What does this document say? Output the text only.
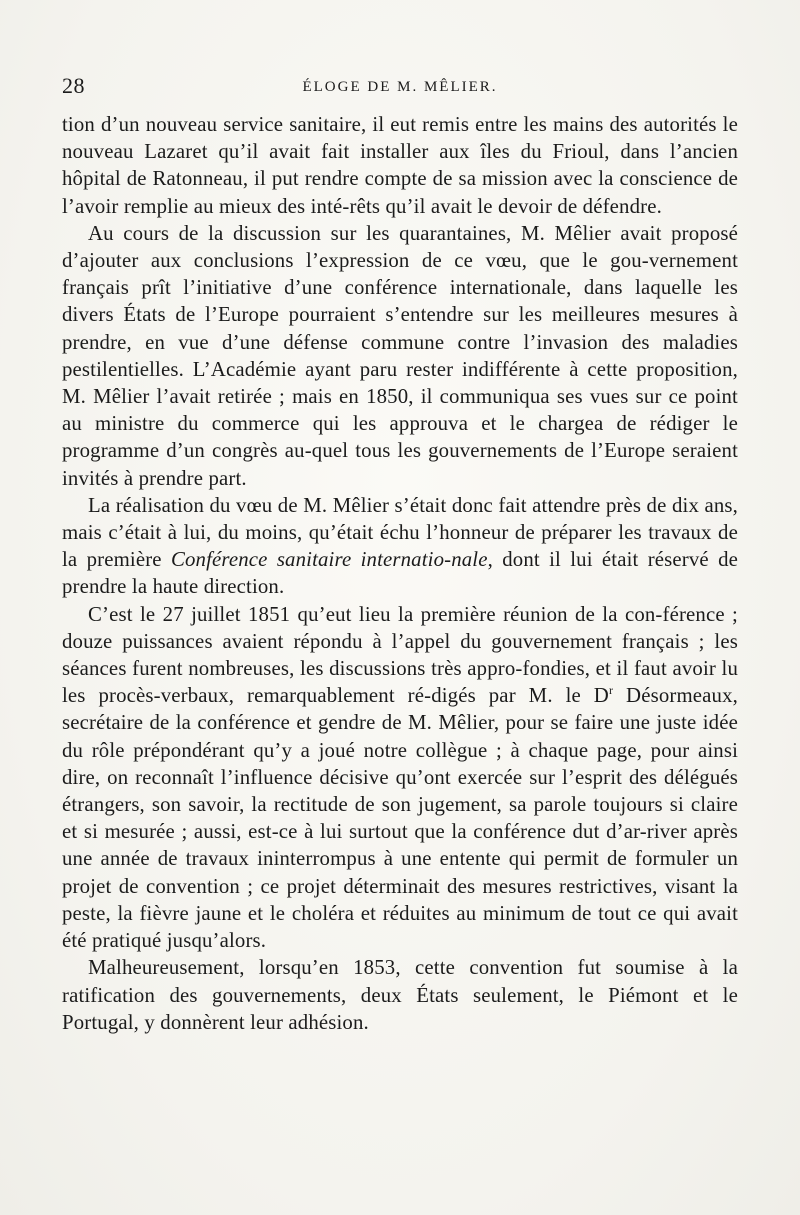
28	ÉLOGE DE M. MÊLIER.

tion d’un nouveau service sanitaire, il eut remis entre les mains des autorités le nouveau Lazaret qu’il avait fait installer aux îles du Frioul, dans l’ancien hôpital de Ratonneau, il put rendre compte de sa mission avec la conscience de l’avoir remplie au mieux des inté-rêts qu’il avait le devoir de défendre.

Au cours de la discussion sur les quarantaines, M. Mêlier avait proposé d’ajouter aux conclusions l’expression de ce vœu, que le gou-vernement français prît l’initiative d’une conférence internationale, dans laquelle les divers États de l’Europe pourraient s’entendre sur les meilleures mesures à prendre, en vue d’une défense commune contre l’invasion des maladies pestilentielles. L’Académie ayant paru rester indifférente à cette proposition, M. Mêlier l’avait retirée ; mais en 1850, il communiqua ses vues sur ce point au ministre du commerce qui les approuva et le chargea de rédiger le programme d’un congrès au-quel tous les gouvernements de l’Europe seraient invités à prendre part.

La réalisation du vœu de M. Mêlier s’était donc fait attendre près de dix ans, mais c’était à lui, du moins, qu’était échu l’honneur de préparer les travaux de la première Conférence sanitaire internatio-nale, dont il lui était réservé de prendre la haute direction.

C’est le 27 juillet 1851 qu’eut lieu la première réunion de la con-férence ; douze puissances avaient répondu à l’appel du gouvernement français ; les séances furent nombreuses, les discussions très appro-fondies, et il faut avoir lu les procès-verbaux, remarquablement ré-digés par M. le $D^r$ Désormeaux, secrétaire de la conférence et gendre de M. Mêlier, pour se faire une juste idée du rôle prépondérant qu’y a joué notre collègue ; à chaque page, pour ainsi dire, on reconnaît l’influence décisive qu’ont exercée sur l’esprit des délégués étrangers, son savoir, la rectitude de son jugement, sa parole toujours si claire et si mesurée ; aussi, est-ce à lui surtout que la conférence dut d’ar-river après une année de travaux ininterrompus à une entente qui permit de formuler un projet de convention ; ce projet déterminait des mesures restrictives, visant la peste, la fièvre jaune et le choléra et réduites au minimum de tout ce qui avait été pratiqué jusqu’alors.

Malheureusement, lorsqu’en 1853, cette convention fut soumise à la ratification des gouvernements, deux États seulement, le Piémont et le Portugal, y donnèrent leur adhésion.
